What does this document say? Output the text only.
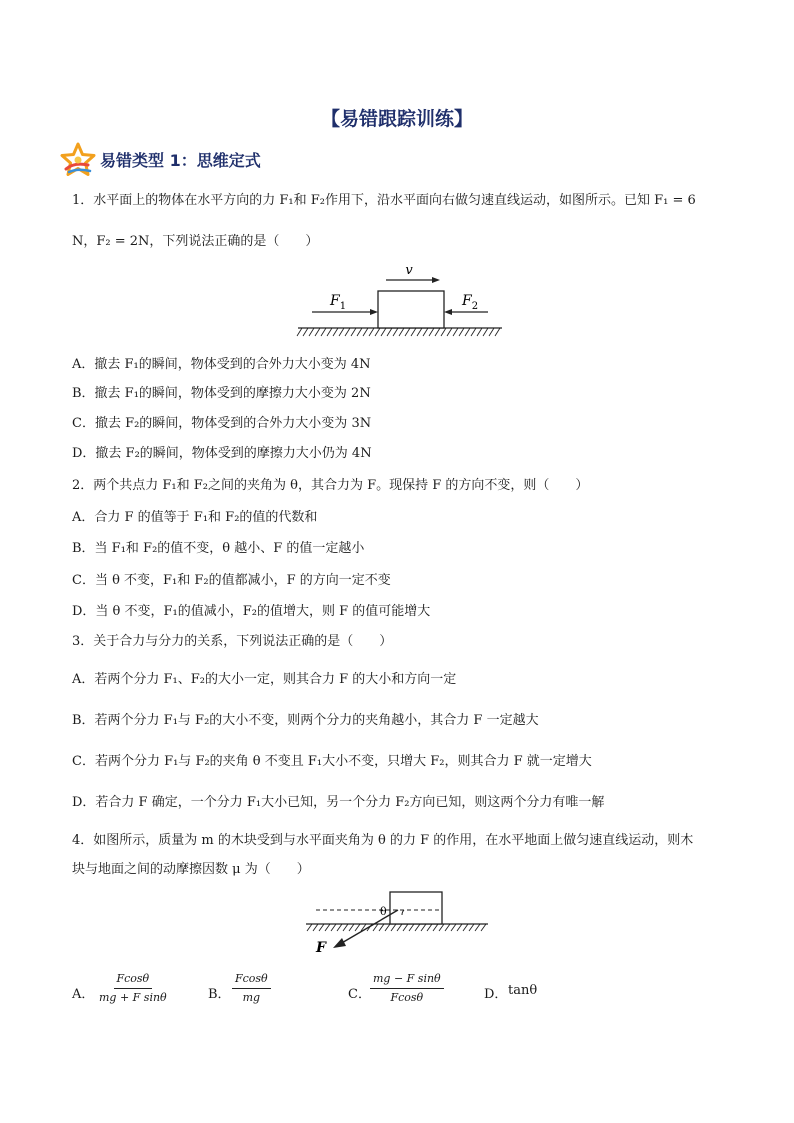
【易错跟踪训练】
易错类型 1：思维定式
1．水平面上的物体在水平方向的力 F₁和 F₂作用下，沿水平面向右做匀速直线运动，如图所示。已知 F₁ = 6
N，F₂ = 2N，下列说法正确的是（　　）
v
$F_1$	$F_2$
A．撤去 F₁的瞬间，物体受到的合外力大小变为 4N
B．撤去 F₁的瞬间，物体受到的摩擦力大小变为 2N
C．撤去 F₂的瞬间，物体受到的合外力大小变为 3N
D．撤去 F₂的瞬间，物体受到的摩擦力大小仍为 4N
2．两个共点力 F₁和 F₂之间的夹角为 θ，其合力为 F。现保持 F 的方向不变，则（　　）
A．合力 F 的值等于 F₁和 F₂的值的代数和
B．当 F₁和 F₂的值不变，θ 越小、F 的值一定越小
C．当 θ 不变，F₁和 F₂的值都减小，F 的方向一定不变
D．当 θ 不变，F₁的值减小，F₂的值增大，则 F 的值可能增大
3．关于合力与分力的关系，下列说法正确的是（　　）
A．若两个分力 F₁、F₂的大小一定，则其合力 F 的大小和方向一定
B．若两个分力 F₁与 F₂的大小不变，则两个分力的夹角越小，其合力 F 一定越大
C．若两个分力 F₁与 F₂的夹角 θ 不变且 F₁大小不变，只增大 F₂，则其合力 F 就一定增大
D．若合力 F 确定，一个分力 F₁大小已知，另一个分力 F₂方向已知，则这两个分力有唯一解
4．如图所示，质量为 m 的木块受到与水平面夹角为 θ 的力 F 的作用，在水平地面上做匀速直线运动，则木
块与地面之间的动摩擦因数 μ 为（　　）
θ
F
A． $\frac{Fcos\theta}{\text{mg + F sinθ}}$	B． $\frac{Fcos\theta}{mg}$	C． $\frac{\text{mg − F sinθ}}{Fcos\theta}$	D． tanθ
